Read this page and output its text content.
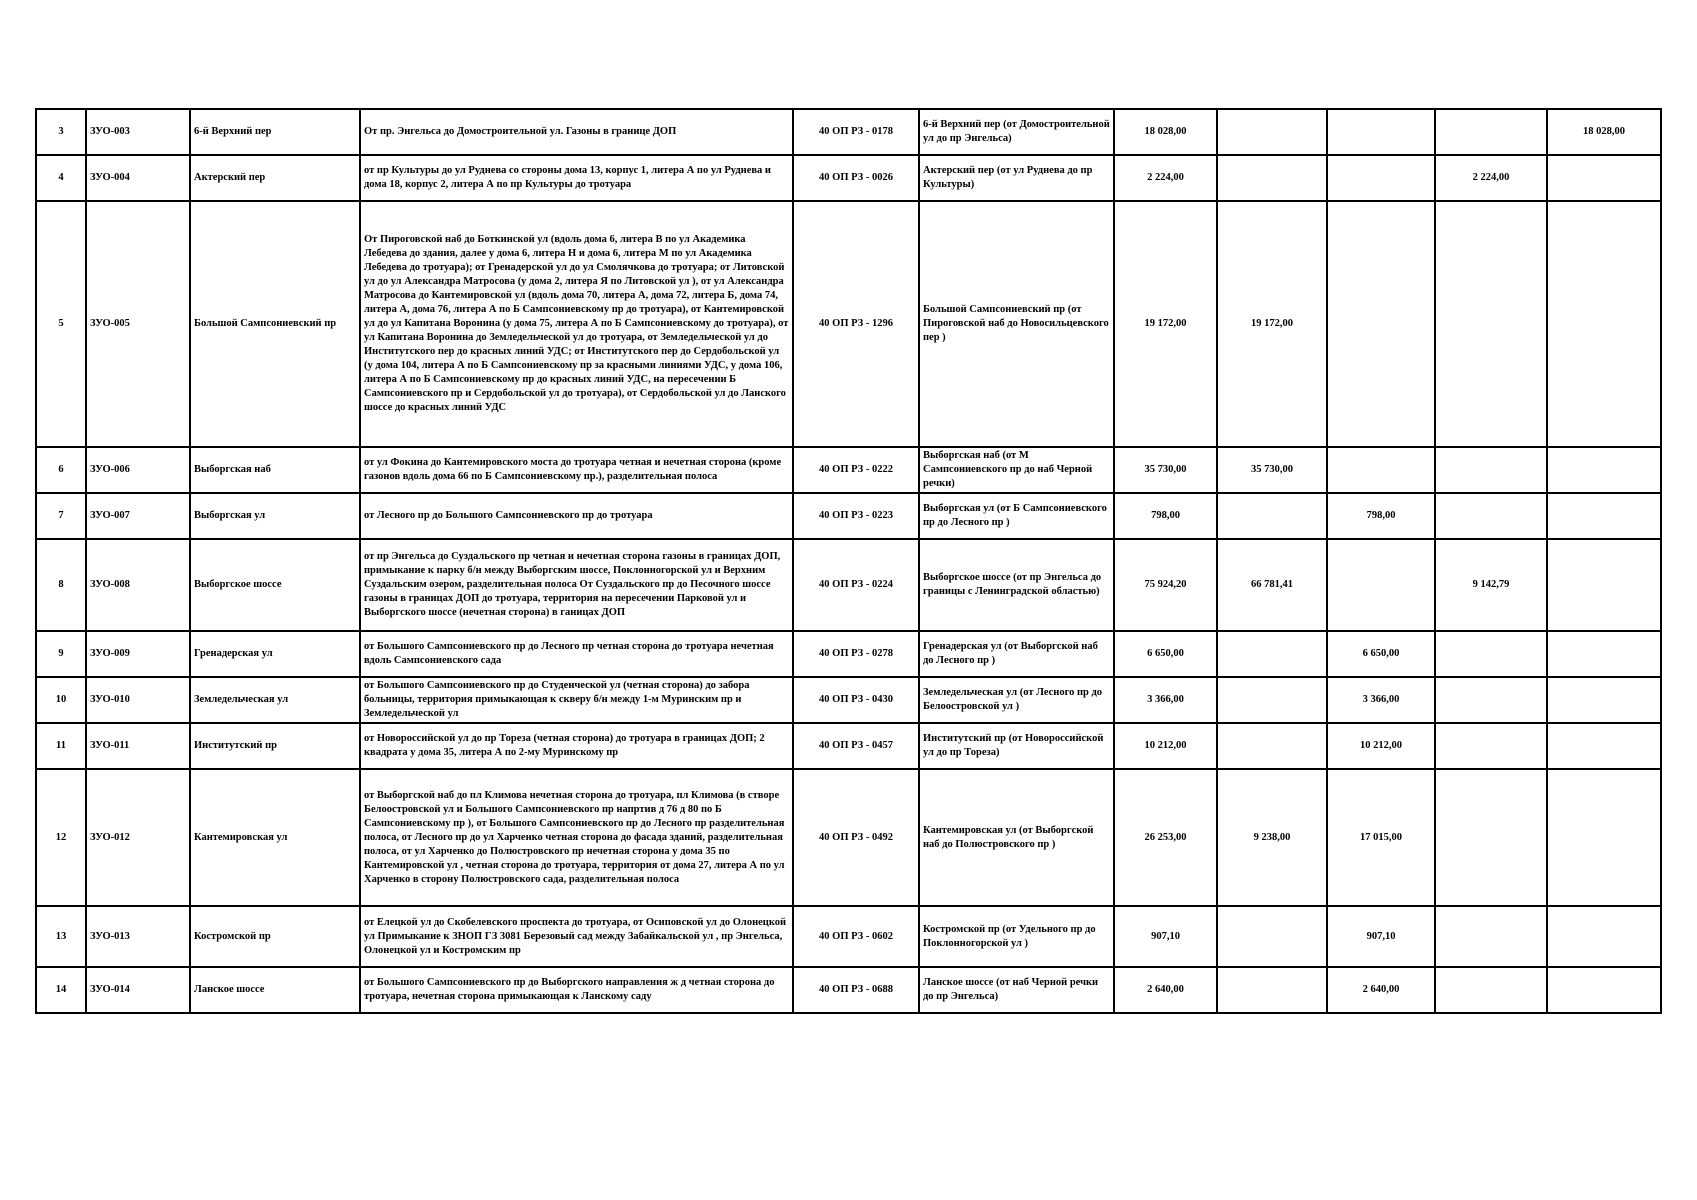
3	ЗУО-003	6-й Верхний пер	От пр. Энгельса до Домостроительной ул. Газоны в границе ДОП	40 ОП РЗ - 0178	6-й Верхний пер (от Домостроительной ул до пр Энгельса)	18 028,00				18 028,00
4	ЗУО-004	Актерский пер	от пр Культуры до ул Руднева со стороны дома 13, корпус 1, литера А по ул Руднева и дома 18, корпус 2, литера А по пр Культуры до тротуара	40 ОП РЗ - 0026	Актерский пер (от ул Руднева до пр Культуры)	2 224,00			2 224,00	
5	ЗУО-005	Большой Сампсониевский пр	От Пироговской наб до Боткинской ул (вдоль дома 6, литера В по ул Академика Лебедева до здания, далее у дома 6, литера Н и дома 6, литера М по ул Академика Лебедева до тротуара); от Гренадерской ул до ул Смолячкова до тротуара; от Литовской ул до ул Александра Матросова (у дома 2, литера Я по Литовской ул ), от ул Александра Матросова до Кантемировской ул (вдоль дома 70, литера А, дома 72, литера Б, дома 74, литера А, дома 76, литера А по Б Сампсониевскому пр до тротуара), от Кантемировской ул до ул Капитана Воронина (у дома 75, литера А по Б Сампсониевскому до тротуара), от ул Капитана Воронина до Земледельческой ул до тротуара, от Земледельческой ул до Институтского пер до красных линий УДС; от Институтского пер до Сердобольской ул (у дома 104, литера А по Б Сампсониевскому пр за красными линиями УДС, у дома 106, литера А по Б Сампсониевскому пр до красных линий УДС, на пересечении Б Сампсониевского пр и Сердобольской ул до тротуара), от Сердобольской ул до Ланского шоссе до красных линий УДС	40 ОП РЗ - 1296	Большой Сампсониевский пр (от Пироговской наб до Новосильцевского пер )	19 172,00	19 172,00			
6	ЗУО-006	Выборгская наб	от ул Фокина до Кантемировского моста до тротуара четная и нечетная сторона (кроме газонов вдоль дома 66 по Б Сампсониевскому пр.), разделительная полоса	40 ОП РЗ - 0222	Выборгская наб (от М Сампсониевского пр до наб Черной речки)	35 730,00	35 730,00			
7	ЗУО-007	Выборгская ул	от Лесного пр до Большого Сампсониевского пр до тротуара	40 ОП РЗ - 0223	Выборгская ул (от Б Сампсониевского пр до Лесного пр )	798,00		798,00		
8	ЗУО-008	Выборгское шоссе	от пр Энгельса до Суздальского пр четная и нечетная сторона газоны в границах ДОП, примыкание к парку б/н между Выборгским шоссе, Поклонногорской ул и Верхним Суздальским озером, разделительная полоса От Суздальского пр до Песочного шоссе газоны в границах ДОП до тротуара, территория на пересечении Парковой ул и Выборгского шоссе (нечетная сторона) в ганицах ДОП	40 ОП РЗ - 0224	Выборгское шоссе (от пр Энгельса до границы с Ленинградской областью)	75 924,20	66 781,41		9 142,79	
9	ЗУО-009	Гренадерская ул	от Большого Сампсониевского пр до Лесного пр четная сторона до тротуара нечетная вдоль Сампсониевского сада	40 ОП РЗ - 0278	Гренадерская ул (от Выборгской наб до Лесного пр )	6 650,00		6 650,00		
10	ЗУО-010	Земледельческая ул	от Большого Сампсониевского пр до Студенческой ул (четная сторона) до забора больницы, территория примыкающая к скверу б/н между 1-м Муринским пр и Земледельческой ул	40 ОП РЗ - 0430	Земледельческая ул (от Лесного пр до Белоостровской ул )	3 366,00		3 366,00		
11	ЗУО-011	Институтский пр	от Новороссийской ул до пр Тореза (четная сторона) до тротуара в границах ДОП; 2 квадрата у дома 35, литера А по 2-му Муринскому пр	40 ОП РЗ - 0457	Институтский пр (от Новороссийской ул до пр Тореза)	10 212,00		10 212,00		
12	ЗУО-012	Кантемировская ул	от Выборгской наб до пл Климова нечетная сторона до тротуара, пл Климова (в створе Белоостровской ул и Большого Сампсониевского пр напртив д 76 д 80 по Б Сампсониевскому пр ), от Большого Сампсониевского пр до Лесного пр разделительная полоса, от Лесного пр до ул Харченко четная сторона до фасада зданий, разделительная полоса, от ул Харченко до Полюстровского пр нечетная сторона у дома 35 по Кантемировской ул , четная сторона до тротуара, территория от дома 27, литера А по ул Харченко в сторону Полюстровского сада, разделительная полоса	40 ОП РЗ - 0492	Кантемировская ул (от Выборгской наб до Полюстровского пр )	26 253,00	9 238,00	17 015,00		
13	ЗУО-013	Костромской пр	от Елецкой ул до Скобелевского проспекта до тротуара, от Осиповской ул до Олонецкой ул Примыкание к ЗНОП ГЗ 3081 Березовый сад между Забайкальской ул , пр Энгельса, Олонецкой ул и Костромским пр	40 ОП РЗ - 0602	Костромской пр (от Удельного пр до Поклонногорской ул )	907,10		907,10		
14	ЗУО-014	Ланское шоссе	от Большого Сампсониевского пр до Выборгского направления ж д четная сторона до тротуара, нечетная сторона примыкающая к Ланскому саду	40 ОП РЗ - 0688	Ланское шоссе (от наб Черной речки до пр Энгельса)	2 640,00		2 640,00		
